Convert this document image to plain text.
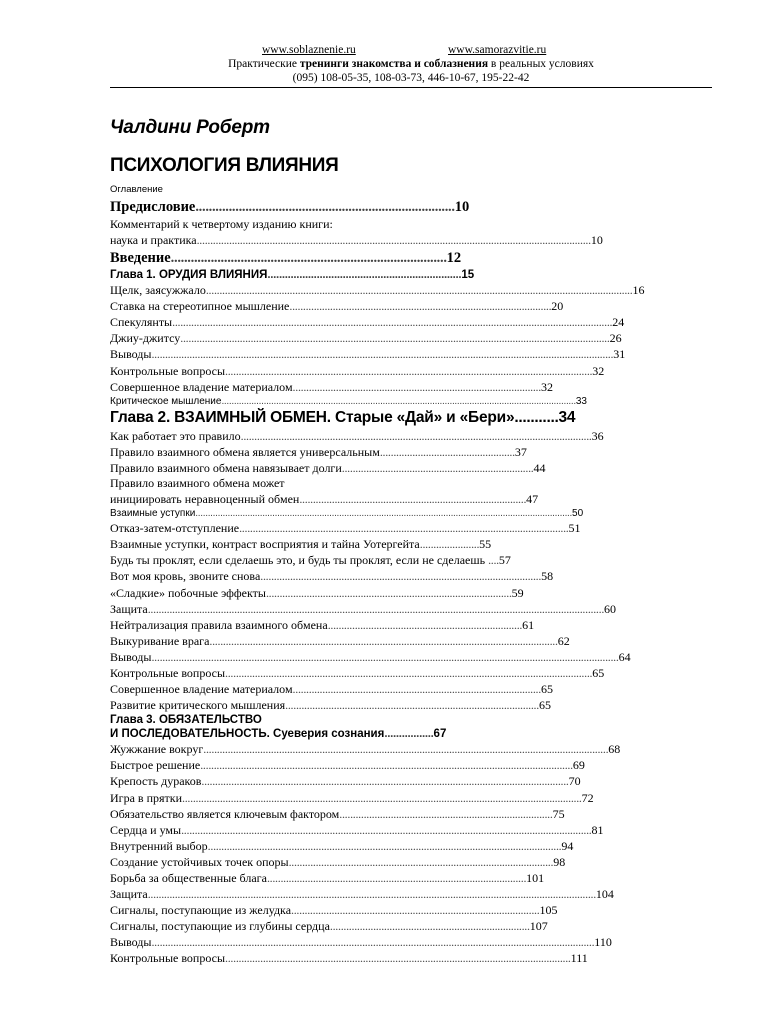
www.soblaznenie.ru	www.samorazvitie.ru
Практические тренинги знакомства и соблазнения в реальных условиях
(095) 108-05-35, 108-03-73, 446-10-67, 195-22-42
Чалдини Роберт
ПСИХОЛОГИЯ ВЛИЯНИЯ
Оглавление
Предисловие..............................................................................10
Комментарий к четвертому изданию книги:
наука и практика..................................................................................................................................................10
Введение...................................................................................12
Глава 1. ОРУДИЯ ВЛИЯНИЯ...................................................................15
Щелк, заясужжало..............................................................................................................................................................16
Ставка на стереотипное мышление.................................................................................................20
Спекулянты...................................................................................................................................................................24
Джиу-джитсу...............................................................................................................................................................26
Выводы...........................................................................................................................................................................31
Контрольные вопросы........................................................................................................................................32
Совершенное владение материалом............................................................................................32
Критическое мышление...............................................................................................................................................33
Глава 2. ВЗАИМНЫЙ ОБМЕН. Старые «Дай» и «Бери»...........34
Как работает это правило..................................................................................................................................36
Правило взаимного обмена является универсальным..................................................37
Правило взаимного обмена навязывает долги.......................................................................44
Правило взаимного обмена может
инициировать неравноценный обмен....................................................................................47
Взаимные уступки........................................................................................................................................................50
Отказ-затем-отступление..........................................................................................................................51
Взаимные уступки, контраст восприятия и тайна Уотергейта......................55
Будь ты проклят, если сделаешь это, и будь ты проклят, если не сделаешь ....57
Вот моя кровь, звоните снова........................................................................................................58
«Сладкие» побочные эффекты...........................................................................................59
Защита.........................................................................................................................................................................60
Нейтрализация правила взаимного обмена........................................................................61
Выкуривание врага.................................................................................................................................62
Выводы.............................................................................................................................................................................64
Контрольные вопросы........................................................................................................................................65
Совершенное владение материалом............................................................................................65
Развитие критического мышления..............................................................................................65
Глава 3. ОБЯЗАТЕЛЬСТВО
И ПОСЛЕДОВАТЕЛЬНОСТЬ. Суеверия сознания.................67
Жужжание вокруг......................................................................................................................................................68
Быстрое решение..........................................................................................................................................69
Крепость дураков........................................................................................................................................70
Игра в прятки....................................................................................................................................................72
Обязательство является ключевым фактором...............................................................................75
Сердца и умы........................................................................................................................................................81
Внутренний выбор...................................................................................................................................94
Создание устойчивых точек опоры..................................................................................................98
Борьба за общественные блага................................................................................................101
Защита......................................................................................................................................................................104
Сигналы, поступающие из желудка............................................................................................105
Сигналы, поступающие из глубины сердца..........................................................................107
Выводы....................................................................................................................................................................110
Контрольные вопросы................................................................................................................................111
